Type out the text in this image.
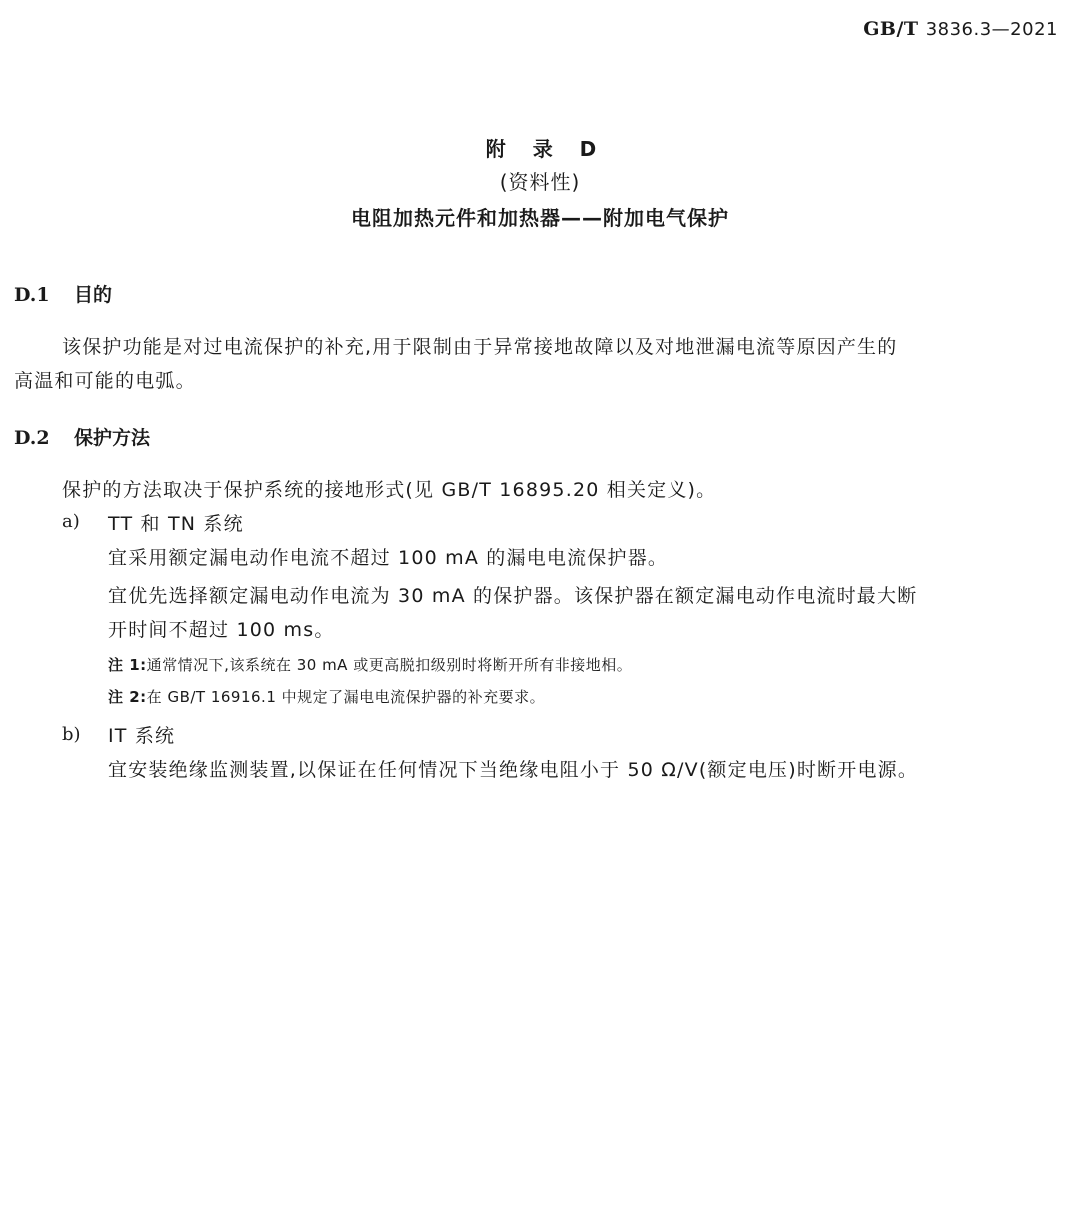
GB/T 3836.3—2021
附 录 D
(资料性)
电阻加热元件和加热器——附加电气保护
D.1 目的
该保护功能是对过电流保护的补充,用于限制由于异常接地故障以及对地泄漏电流等原因产生的
高温和可能的电弧。
D.2 保护方法
保护的方法取决于保护系统的接地形式(见 GB/T 16895.20 相关定义)。
a) TT 和 TN 系统
宜采用额定漏电动作电流不超过 100 mA 的漏电电流保护器。
宜优先选择额定漏电动作电流为 30 mA 的保护器。该保护器在额定漏电动作电流时最大断
开时间不超过 100 ms。
注 1:通常情况下,该系统在 30 mA 或更高脱扣级别时将断开所有非接地相。
注 2:在 GB/T 16916.1 中规定了漏电电流保护器的补充要求。
b) IT 系统
宜安装绝缘监测装置,以保证在任何情况下当绝缘电阻小于 50 Ω/V(额定电压)时断开电源。
